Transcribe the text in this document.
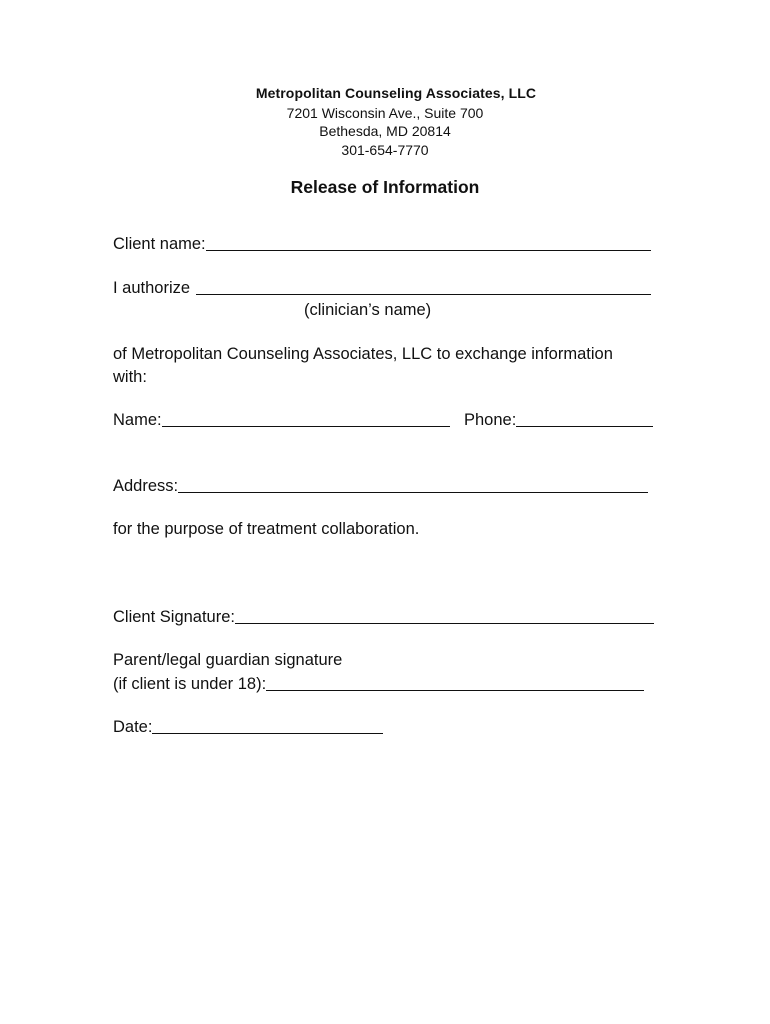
Metropolitan Counseling Associates, LLC
7201 Wisconsin Ave., Suite 700
Bethesda, MD 20814
301-654-7770
Release of Information
Client name:
I authorize
(clinician’s name)
of Metropolitan Counseling Associates, LLC to exchange information
with:
Name:	Phone:
Address:
for the purpose of treatment collaboration.
Client Signature:
Parent/legal guardian signature
(if client is under 18):
Date:
